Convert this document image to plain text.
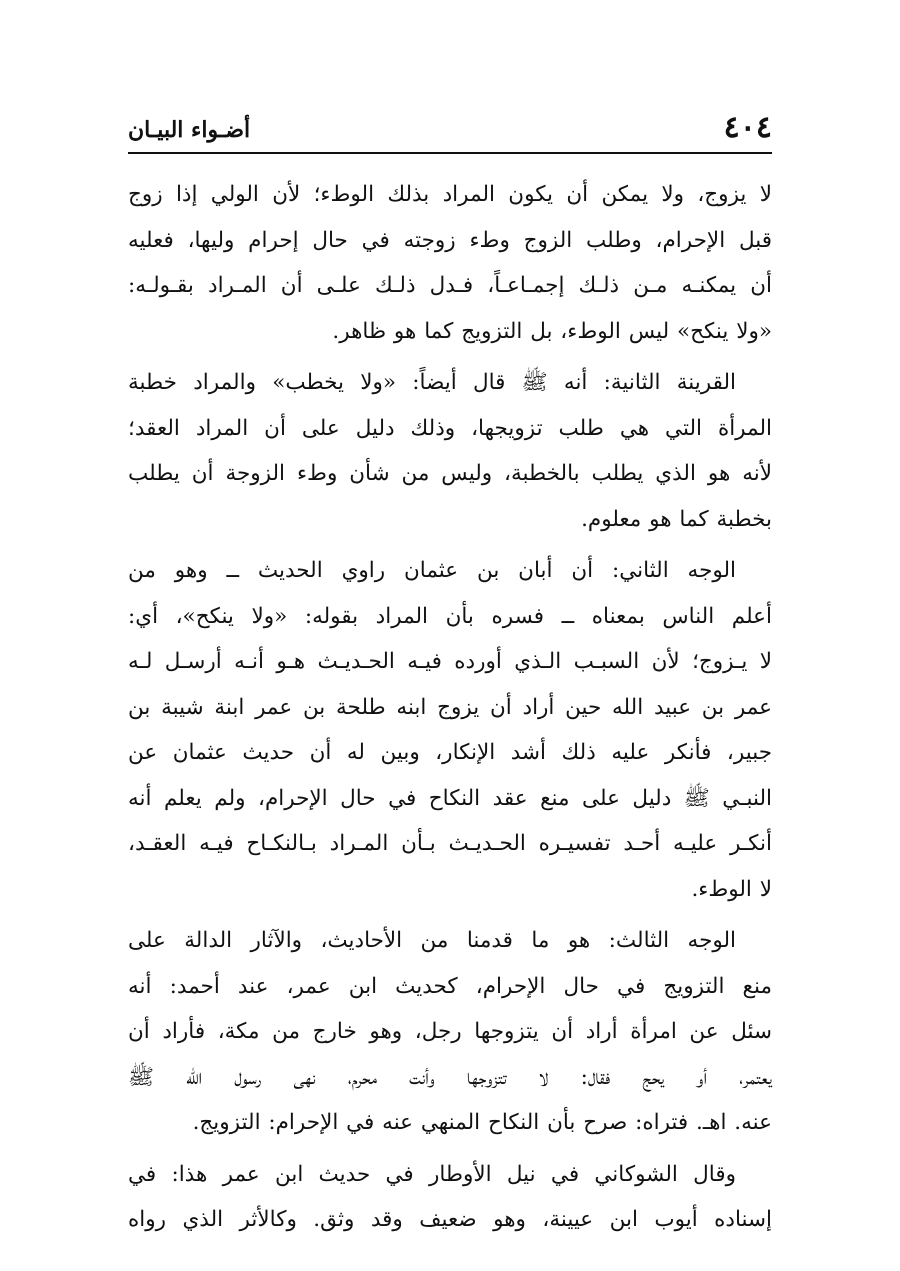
٤٠٤
أضـواء البيـان

لا يزوج، ولا يمكن أن يكون المراد بذلك الوطء؛ لأن الولي إذا زوج
قبل الإحرام، وطلب الزوج وطء زوجته في حال إحرام وليها، فعليه
أن يمكنـه مـن ذلـك إجمـاعـاً، فـدل ذلـك علـى أن المـراد بقـولـه:
«ولا ينكح» ليس الوطء، بل التزويج كما هو ظاهر.

القرينة الثانية: أنه ﷺ قال أيضاً: «ولا يخطب» والمراد خطبة
المرأة التي هي طلب تزويجها، وذلك دليل على أن المراد العقد؛
لأنه هو الذي يطلب بالخطبة، وليس من شأن وطء الزوجة أن يطلب
بخطبة كما هو معلوم.

الوجه الثاني: أن أبان بن عثمان راوي الحديث ــ وهو من
أعلم الناس بمعناه ــ فسره بأن المراد بقوله: «ولا ينكح»، أي:
لا يـزوج؛ لأن السبـب الـذي أورده فيـه الحـديـث هـو أنـه أرسـل لـه
عمر بن عبيد الله حين أراد أن يزوج ابنه طلحة بن عمر ابنة شيبة بن
جبير، فأنكر عليه ذلك أشد الإنكار، وبين له أن حديث عثمان عن
النبـي ﷺ دليل على منع عقد النكاح في حال الإحرام، ولم يعلم أنه
أنكـر عليـه أحـد تفسيـره الحـديـث بـأن المـراد بـالنكـاح فيـه العقـد،
لا الوطء.

الوجه الثالث: هو ما قدمنا من الأحاديث، والآثار الدالة على
منع التزويج في حال الإحرام، كحديث ابن عمر، عند أحمد: أنه
سئل عن امرأة أراد أن يتزوجها رجل، وهو خارج من مكة، فأراد أن
يعتمر، أو يحج فقال: لا تتزوجها وأنت محرم، نهى رسول الله ﷺ
عنه. اهـ. فتراه: صرح بأن النكاح المنهي عنه في الإحرام: التزويج.

وقال الشوكاني في نيل الأوطار في حديث ابن عمر هذا: في
إسناده أيوب ابن عيينة، وهو ضعيف وقد وثق. وكالأثر الذي رواه
